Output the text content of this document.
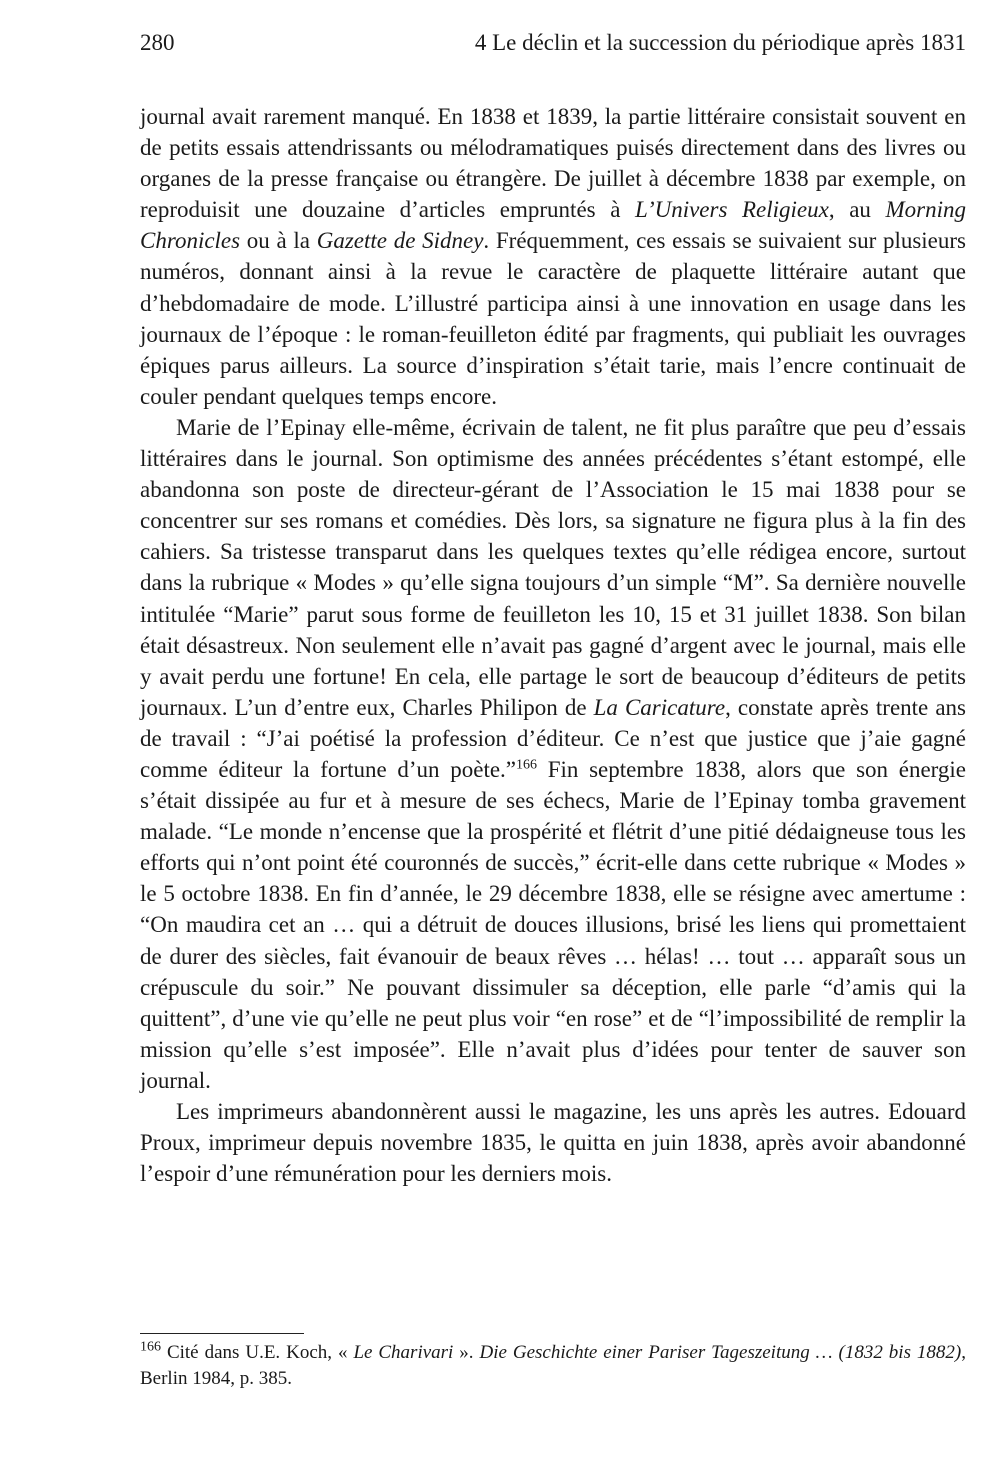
280	4 Le déclin et la succession du périodique après 1831

journal avait rarement manqué. En 1838 et 1839, la partie littéraire consistait souvent en de petits essais attendrissants ou mélodramatiques puisés directement dans des livres ou organes de la presse française ou étrangère. De juillet à décembre 1838 par exemple, on reproduisit une douzaine d’articles empruntés à L’Univers Religieux, au Morning Chronicles ou à la Gazette de Sidney. Fréquemment, ces essais se suivaient sur plusieurs numéros, donnant ainsi à la revue le caractère de plaquette littéraire autant que d’hebdomadaire de mode. L’illustré participa ainsi à une innovation en usage dans les journaux de l’époque : le roman-feuilleton édité par fragments, qui publiait les ouvrages épiques parus ailleurs. La source d’inspiration s’était tarie, mais l’encre continuait de couler pendant quelques temps encore.

Marie de l’Epinay elle-même, écrivain de talent, ne fit plus paraître que peu d’essais littéraires dans le journal. Son optimisme des années précédentes s’étant estompé, elle abandonna son poste de directeur-gérant de l’Association le 15 mai 1838 pour se concentrer sur ses romans et comédies. Dès lors, sa signature ne figura plus à la fin des cahiers. Sa tristesse transparut dans les quelques textes qu’elle rédigea encore, surtout dans la rubrique « Modes » qu’elle signa toujours d’un simple “M”. Sa dernière nouvelle intitulée “Marie” parut sous forme de feuilleton les 10, 15 et 31 juillet 1838. Son bilan était désastreux. Non seulement elle n’avait pas gagné d’argent avec le journal, mais elle y avait perdu une fortune! En cela, elle partage le sort de beaucoup d’éditeurs de petits journaux. L’un d’entre eux, Charles Philipon de La Caricature, constate après trente ans de travail : “J’ai poétisé la profession d’éditeur. Ce n’est que justice que j’aie gagné comme éditeur la fortune d’un poète.”$^{166}$ Fin septembre 1838, alors que son énergie s’était dissipée au fur et à mesure de ses échecs, Marie de l’Epinay tomba gravement malade. “Le monde n’encense que la prospérité et flétrit d’une pitié dédaigneuse tous les efforts qui n’ont point été couronnés de succès,” écrit-elle dans cette rubrique « Modes » le 5 octobre 1838. En fin d’année, le 29 décembre 1838, elle se résigne avec amertume : “On maudira cet an … qui a détruit de douces illusions, brisé les liens qui promettaient de durer des siècles, fait évanouir de beaux rêves … hélas! … tout … apparaît sous un crépuscule du soir.” Ne pouvant dissimuler sa déception, elle parle “d’amis qui la quittent”, d’une vie qu’elle ne peut plus voir “en rose” et de “l’impossibilité de remplir la mission qu’elle s’est imposée”. Elle n’avait plus d’idées pour tenter de sauver son journal.

Les imprimeurs abandonnèrent aussi le magazine, les uns après les autres. Edouard Proux, imprimeur depuis novembre 1835, le quitta en juin 1838, après avoir abandonné l’espoir d’une rémunération pour les derniers mois.

$^{166}$ Cité dans U.E. Koch, « Le Charivari ». Die Geschichte einer Pariser Tageszeitung … (1832 bis 1882), Berlin 1984, p. 385.
